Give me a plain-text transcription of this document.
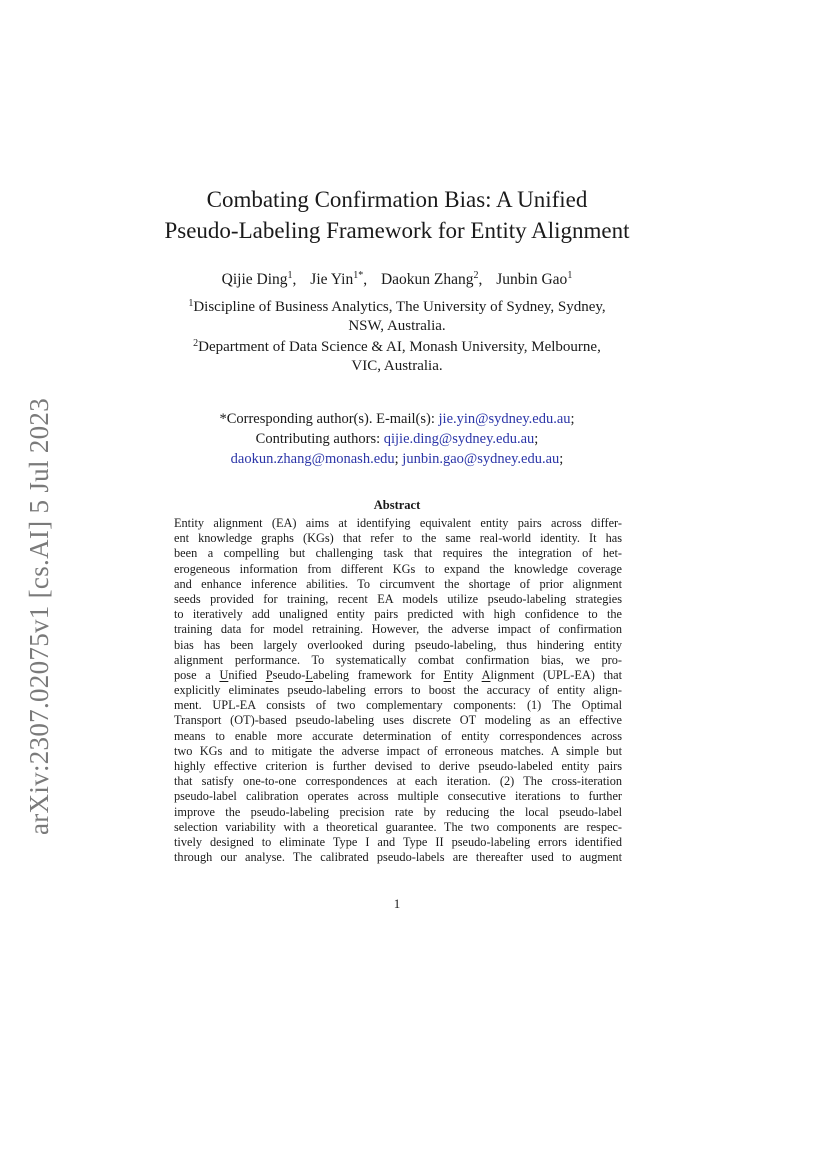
arXiv:2307.02075v1 [cs.AI] 5 Jul 2023
Combating Confirmation Bias: A Unified
Pseudo-Labeling Framework for Entity Alignment
Qijie Ding$^1$, Jie Yin$^{1*}$, Daokun Zhang$^2$, Junbin Gao$^1$
$^1$Discipline of Business Analytics, The University of Sydney, Sydney,
NSW, Australia.
$^2$Department of Data Science & AI, Monash University, Melbourne,
VIC, Australia.
*Corresponding author(s). E-mail(s): jie.yin@sydney.edu.au;
Contributing authors: qijie.ding@sydney.edu.au;
daokun.zhang@monash.edu; junbin.gao@sydney.edu.au;
Abstract
Entity alignment (EA) aims at identifying equivalent entity pairs across differ-
ent knowledge graphs (KGs) that refer to the same real-world identity. It has
been a compelling but challenging task that requires the integration of het-
erogeneous information from different KGs to expand the knowledge coverage
and enhance inference abilities. To circumvent the shortage of prior alignment
seeds provided for training, recent EA models utilize pseudo-labeling strategies
to iteratively add unaligned entity pairs predicted with high confidence to the
training data for model retraining. However, the adverse impact of confirmation
bias has been largely overlooked during pseudo-labeling, thus hindering entity
alignment performance. To systematically combat confirmation bias, we pro-
pose a Unified Pseudo-Labeling framework for Entity Alignment (UPL-EA) that
explicitly eliminates pseudo-labeling errors to boost the accuracy of entity align-
ment. UPL-EA consists of two complementary components: (1) The Optimal
Transport (OT)-based pseudo-labeling uses discrete OT modeling as an effective
means to enable more accurate determination of entity correspondences across
two KGs and to mitigate the adverse impact of erroneous matches. A simple but
highly effective criterion is further devised to derive pseudo-labeled entity pairs
that satisfy one-to-one correspondences at each iteration. (2) The cross-iteration
pseudo-label calibration operates across multiple consecutive iterations to further
improve the pseudo-labeling precision rate by reducing the local pseudo-label
selection variability with a theoretical guarantee. The two components are respec-
tively designed to eliminate Type I and Type II pseudo-labeling errors identified
through our analyse. The calibrated pseudo-labels are thereafter used to augment
1
